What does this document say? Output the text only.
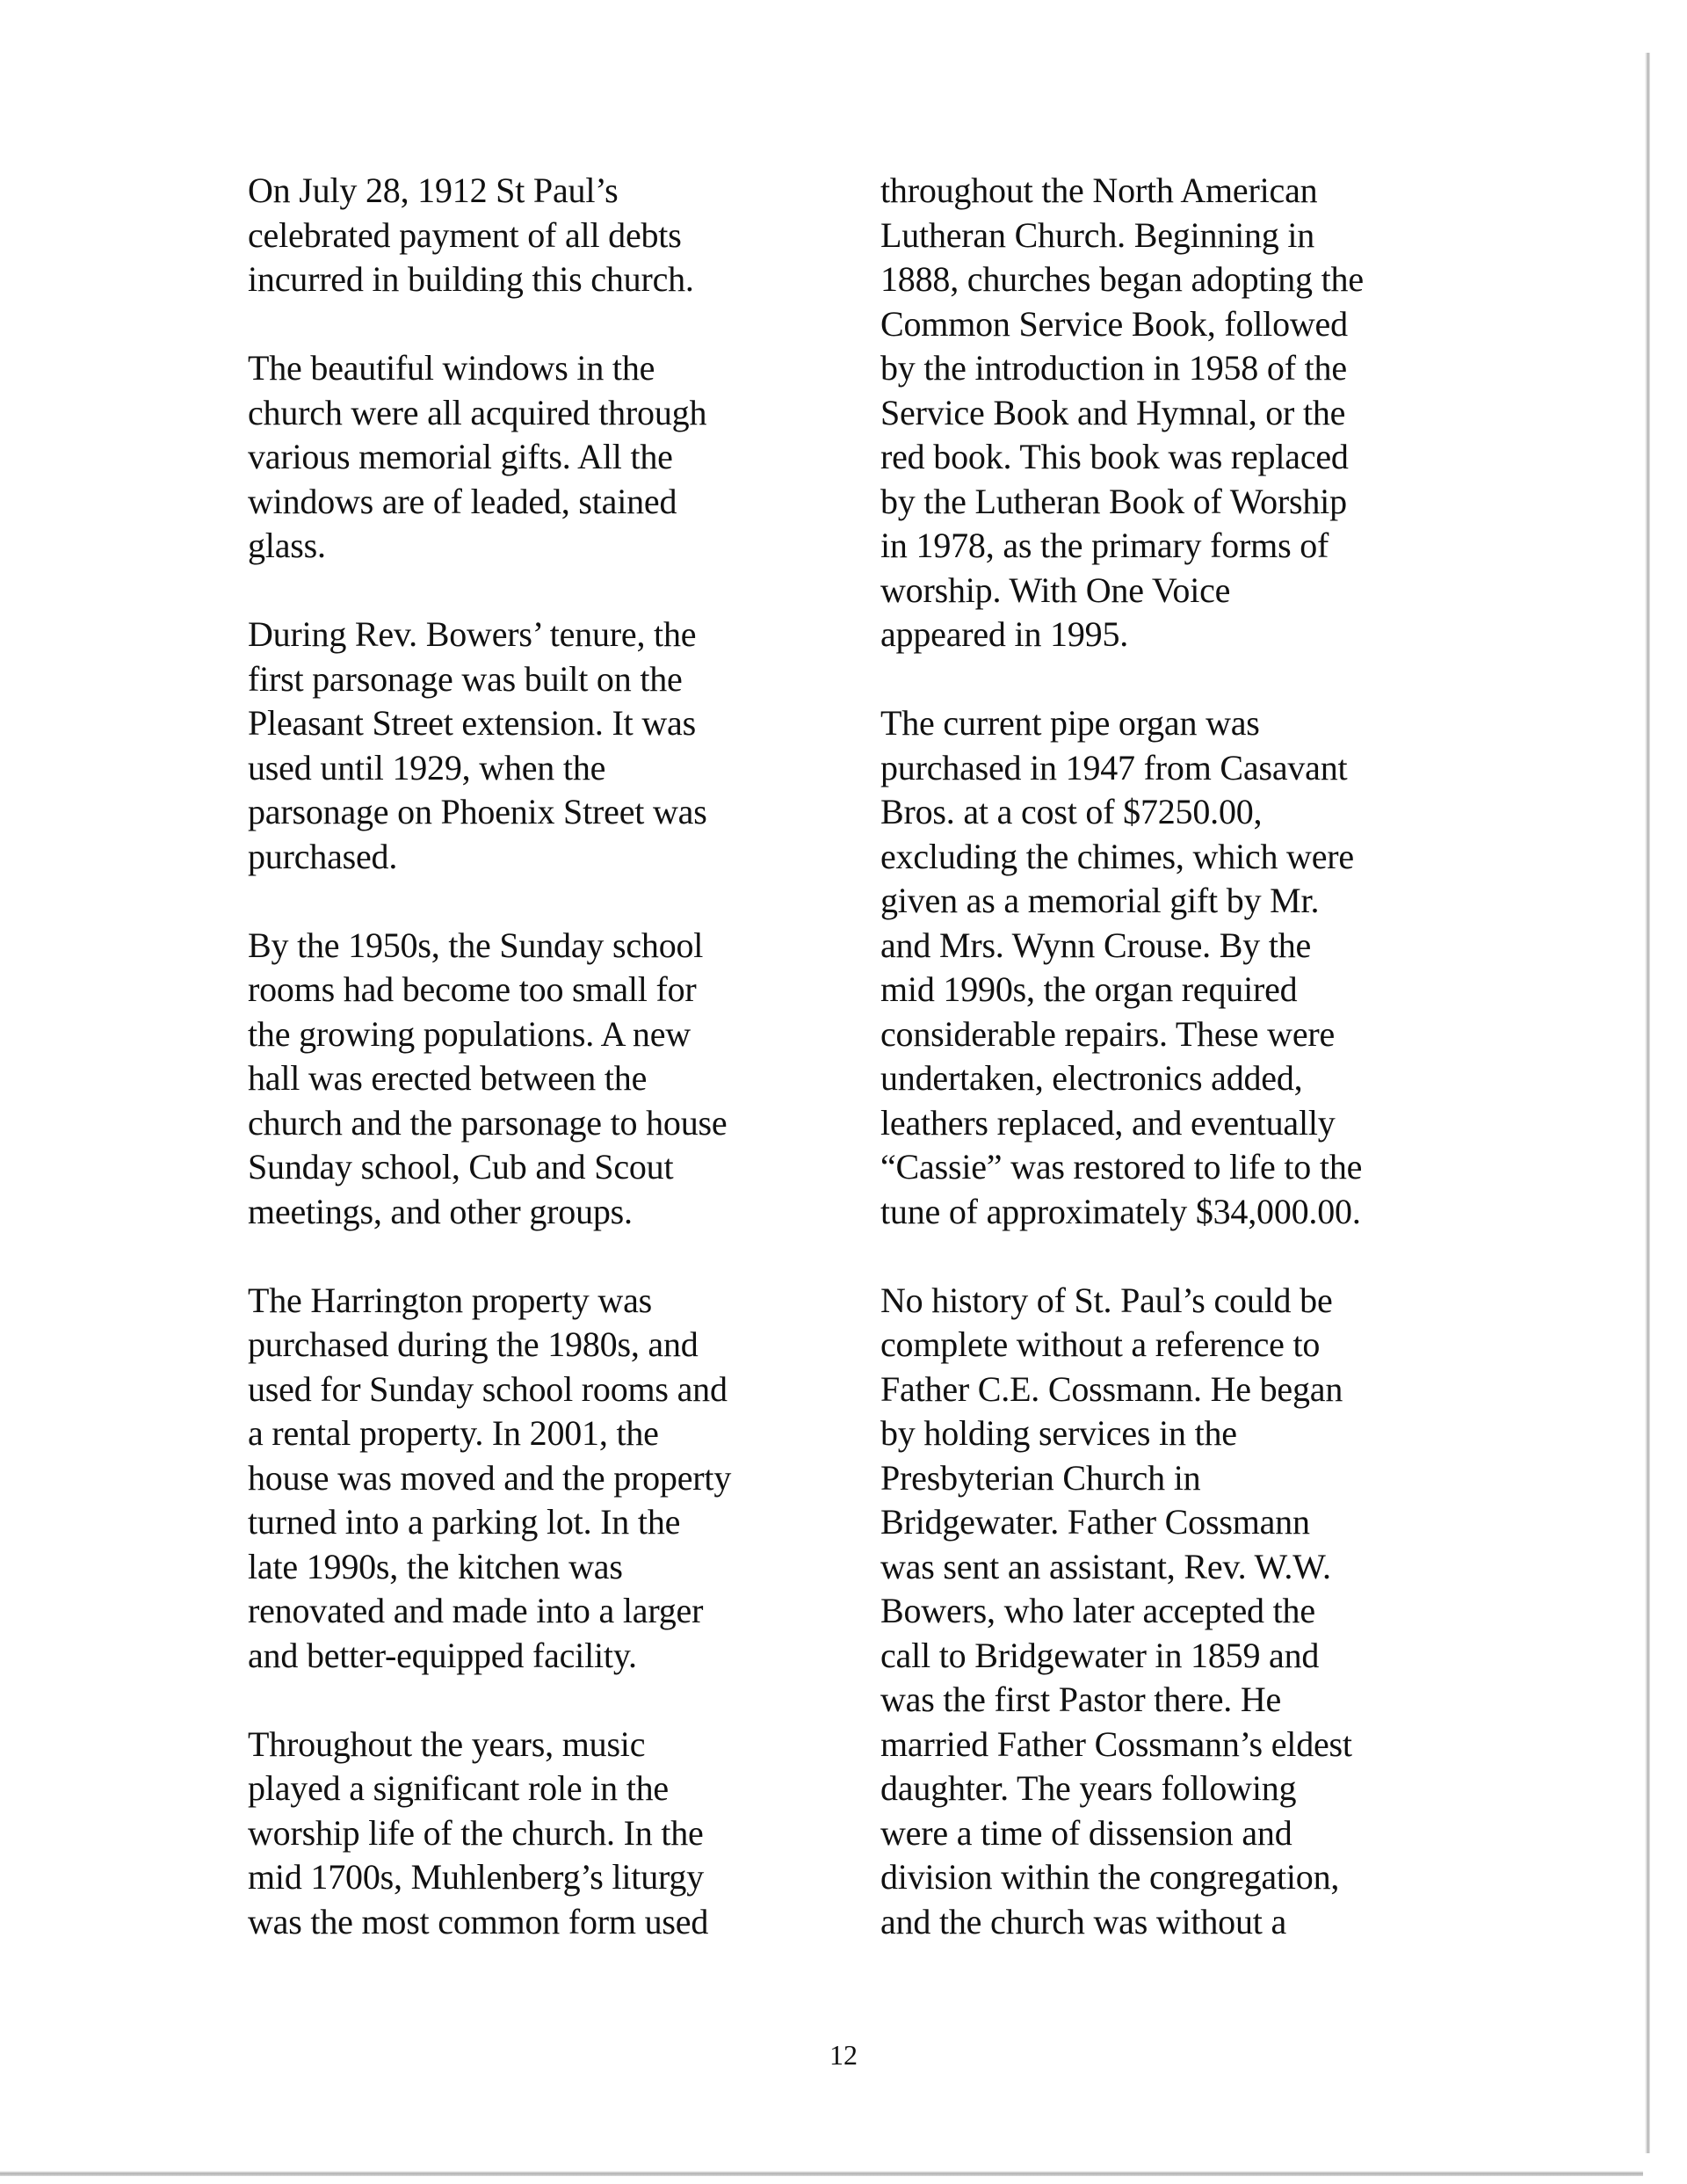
On July 28, 1912 St Paul’s
celebrated payment of all debts
incurred in building this church.
The beautiful windows in the
church were all acquired through
various memorial gifts. All the
windows are of leaded, stained
glass.
During Rev. Bowers’ tenure, the
first parsonage was built on the
Pleasant Street extension. It was
used until 1929, when the
parsonage on Phoenix Street was
purchased.
By the 1950s, the Sunday school
rooms had become too small for
the growing populations. A new
hall was erected between the
church and the parsonage to house
Sunday school, Cub and Scout
meetings, and other groups.
The Harrington property was
purchased during the 1980s, and
used for Sunday school rooms and
a rental property. In 2001, the
house was moved and the property
turned into a parking lot. In the
late 1990s, the kitchen was
renovated and made into a larger
and better-equipped facility.
Throughout the years, music
played a significant role in the
worship life of the church. In the
mid 1700s, Muhlenberg’s liturgy
was the most common form used
throughout the North American
Lutheran Church. Beginning in
1888, churches began adopting the
Common Service Book, followed
by the introduction in 1958 of the
Service Book and Hymnal, or the
red book. This book was replaced
by the Lutheran Book of Worship
in 1978, as the primary forms of
worship. With One Voice
appeared in 1995.
The current pipe organ was
purchased in 1947 from Casavant
Bros. at a cost of $7250.00,
excluding the chimes, which were
given as a memorial gift by Mr.
and Mrs. Wynn Crouse. By the
mid 1990s, the organ required
considerable repairs. These were
undertaken, electronics added,
leathers replaced, and eventually
“Cassie” was restored to life to the
tune of approximately $34,000.00.
No history of St. Paul’s could be
complete without a reference to
Father C.E. Cossmann. He began
by holding services in the
Presbyterian Church in
Bridgewater. Father Cossmann
was sent an assistant, Rev. W.W.
Bowers, who later accepted the
call to Bridgewater in 1859 and
was the first Pastor there. He
married Father Cossmann’s eldest
daughter. The years following
were a time of dissension and
division within the congregation,
and the church was without a
12
